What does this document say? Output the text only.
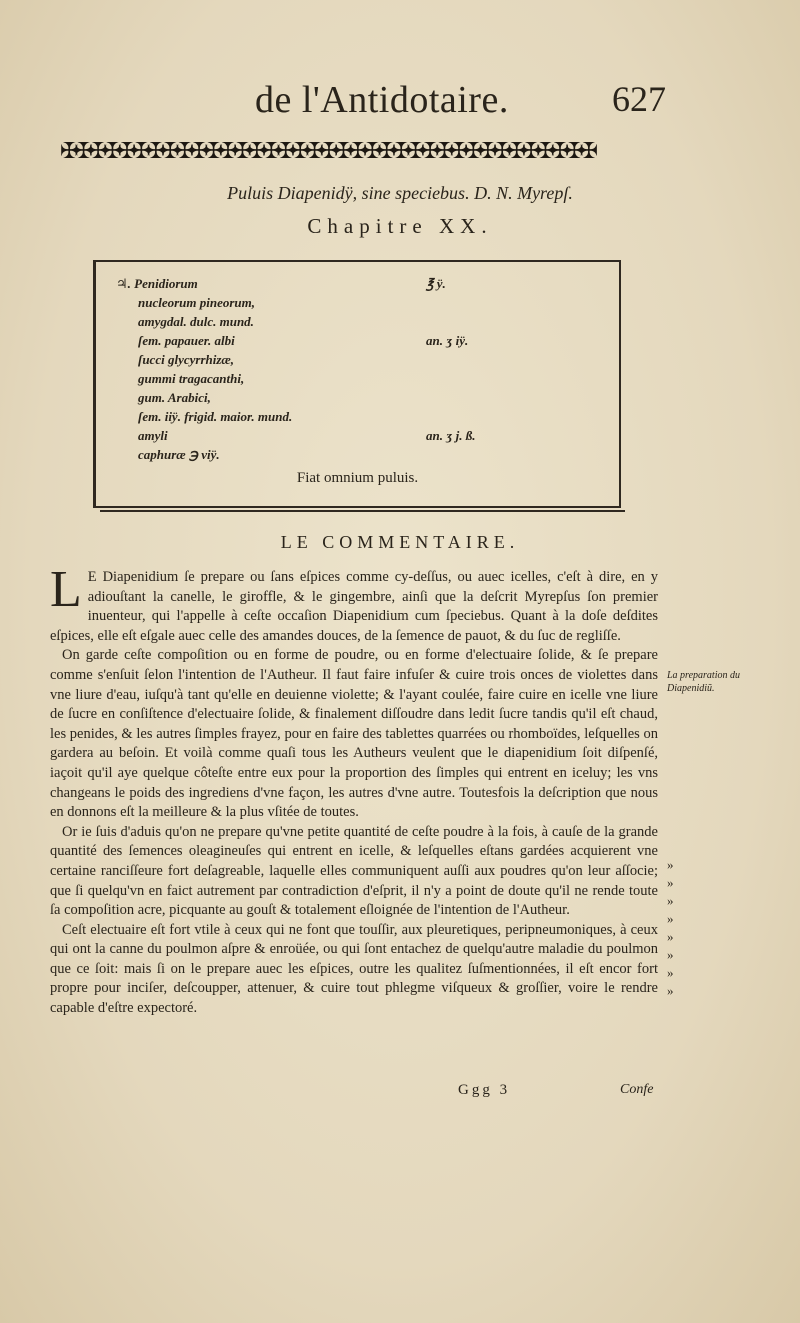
de l'Antidotaire.	627
✠✠✠✠✠✠✠✠✠✠✠✠✠✠✠✠✠✠✠✠✠✠✠✠✠✠✠✠✠✠✠✠✠✠✠✠✠
Puluis Diapenidÿ, sine speciebus. D. N. Myrepſ.
Chapitre XX.
♃. Penidiorum	℥ ÿ.
nucleorum pineorum,
amygdal. dulc. mund.
ſem. papauer. albi	an. ʒ iÿ.
ſucci glycyrrhizæ,
gummi tragacanthi,
gum. Arabici,
ſem. iiÿ. frigid. maior. mund.
amyli	an. ʒ j. ß.
caphuræ ℈ viÿ.
Fiat omnium puluis.
LE COMMENTAIRE.

L E Diapenidium ſe prepare ou ſans eſpices comme cy-deſſus, ou auec icelles, c'eſt à dire, en y adiouſtant la canelle, le giroffle, & le gingembre, ainſi que la deſcrit Myrepſus ſon premier inuenteur, qui l'appelle à ceſte occaſion Diapenidium cum ſpeciebus. Quant à la doſe deſdites eſpices, elle eſt eſgale auec celle des amandes douces, de la ſemence de pauot, & du ſuc de regliſſe.

On garde ceſte compoſition ou en forme de poudre, ou en forme d'electuaire ſolide, & ſe prepare comme s'enſuit ſelon l'intention de l'Autheur. Il faut faire infuſer & cuire trois onces de violettes dans vne liure d'eau, iuſqu'à tant qu'elle en deuienne violette; & l'ayant coulée, faire cuire en icelle vne liure de ſucre en conſiſtence d'electuaire ſolide, & finalement diſſoudre dans ledit ſucre tandis qu'il eſt chaud, les penides, & les autres ſimples frayez, pour en faire des tablettes quarrées ou rhomboïdes, leſquelles on gardera au beſoin. Et voilà comme quaſi tous les Autheurs veulent que le diapenidium ſoit diſpenſé, iaçoit qu'il aye quelque côteſte entre eux pour la proportion des ſimples qui entrent en iceluy; les vns changeans le poids des ingrediens d'vne façon, les autres d'vne autre. Toutesfois la deſcription que nous en donnons eſt la meilleure & la plus vſitée de toutes.

Or ie ſuis d'aduis qu'on ne prepare qu'vne petite quantité de ceſte poudre à la fois, à cauſe de la grande quantité des ſemences oleagineuſes qui entrent en icelle, & leſquelles eſtans gardées acquierent vne certaine ranciſſeure fort deſagreable, laquelle elles communiquent auſſi aux poudres qu'on leur aſſocie; que ſi quelqu'vn en faict autrement par contradiction d'eſprit, il n'y a point de doute qu'il ne rende toute ſa compoſition acre, picquante au gouſt & totalement eſloignée de l'intention de l'Autheur.

Ceſt electuaire eſt fort vtile à ceux qui ne font que touſſir, aux pleuretiques, peripneumoniques, à ceux qui ont la canne du poulmon aſpre & enroüée, ou qui ſont entachez de quelqu'autre maladie du poulmon que ce ſoit: mais ſi on le prepare auec les eſpices, outre les qualitez ſuſmentionnées, il eſt encor fort propre pour inciſer, deſcoupper, attenuer, & cuire tout phlegme viſqueux & groſſier, voire le rendre capable d'eſtre expectoré.

La preparation du Diapenidiũ.
»
»
»
»
»
»
»
»
Ggg 3	Confe
